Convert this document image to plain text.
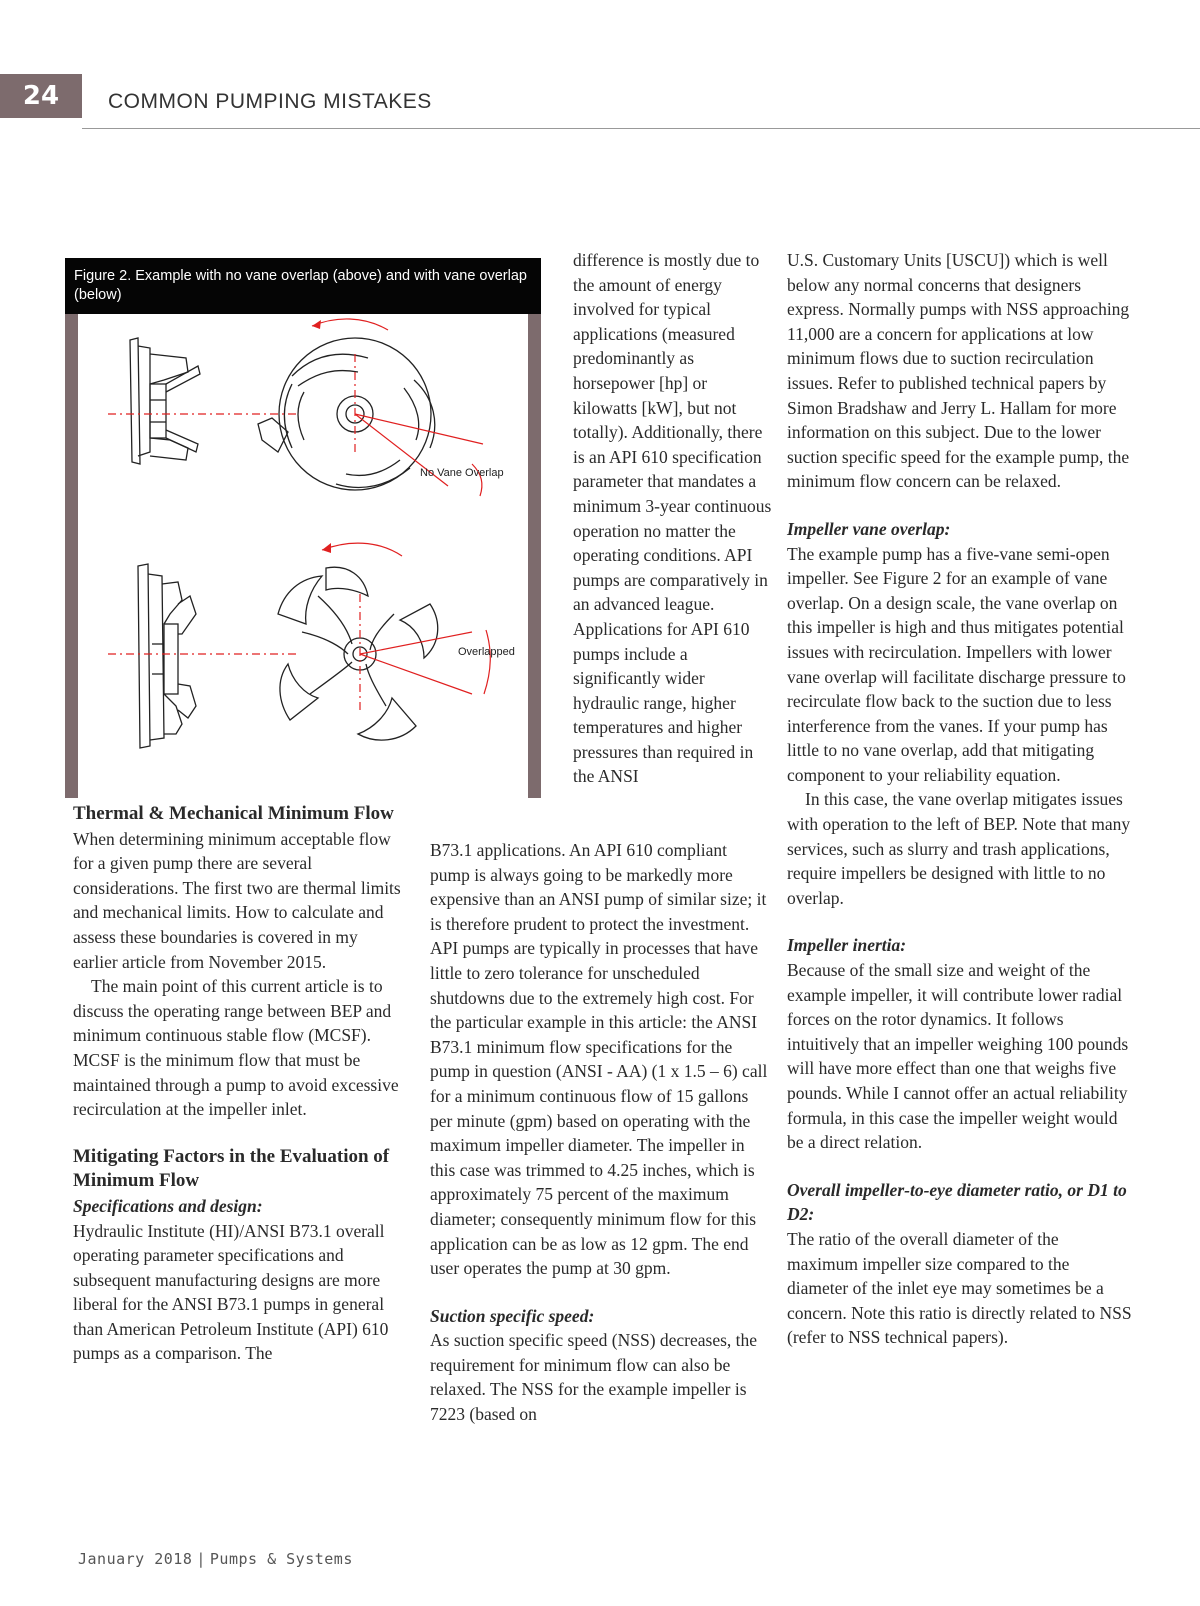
24	COMMON PUMPING MISTAKES
Figure 2. Example with no vane overlap (above) and with vane overlap (below)
No Vane Overlap
Overlapped
Thermal & Mechanical Minimum Flow

When determining minimum acceptable flow for a given pump there are several considerations. The first two are thermal limits and mechanical limits. How to calculate and assess these boundaries is covered in my earlier article from November 2015.

The main point of this current article is to discuss the operating range between BEP and minimum continuous stable flow (MCSF). MCSF is the minimum flow that must be maintained through a pump to avoid excessive recirculation at the impeller inlet.

Mitigating Factors in the Evaluation of Minimum Flow
Specifications and design:

Hydraulic Institute (HI)/ANSI B73.1 overall operating parameter specifications and subsequent manufacturing designs are more liberal for the ANSI B73.1 pumps in general than American Petroleum Institute (API) 610 pumps as a comparison. The

difference is mostly due to the amount of energy involved for typical applications (measured predominantly as horsepower [hp] or kilowatts [kW], but not totally). Additionally, there is an API 610 specification parameter that mandates a minimum 3-year continuous operation no matter the operating conditions. API pumps are comparatively in an advanced league. Applications for API 610 pumps include a significantly wider hydraulic range, higher temperatures and higher pressures than required in the ANSI

B73.1 applications. An API 610 compliant pump is always going to be markedly more expensive than an ANSI pump of similar size; it is therefore prudent to protect the investment. API pumps are typically in processes that have little to zero tolerance for unscheduled shutdowns due to the extremely high cost. For the particular example in this article: the ANSI B73.1 minimum flow specifications for the pump in question (ANSI - AA) (1 x 1.5 – 6) call for a minimum continuous flow of 15 gallons per minute (gpm) based on operating with the maximum impeller diameter. The impeller in this case was trimmed to 4.25 inches, which is approximately 75 percent of the maximum diameter; consequently minimum flow for this application can be as low as 12 gpm. The end user operates the pump at 30 gpm.

Suction specific speed:

As suction specific speed (NSS) decreases, the requirement for minimum flow can also be relaxed. The NSS for the example impeller is 7223 (based on

U.S. Customary Units [USCU]) which is well below any normal concerns that designers express. Normally pumps with NSS approaching 11,000 are a concern for applications at low minimum flows due to suction recirculation issues. Refer to published technical papers by Simon Bradshaw and Jerry L. Hallam for more information on this subject. Due to the lower suction specific speed for the example pump, the minimum flow concern can be relaxed.

Impeller vane overlap:

The example pump has a five-vane semi-open impeller. See Figure 2 for an example of vane overlap. On a design scale, the vane overlap on this impeller is high and thus mitigates potential issues with recirculation. Impellers with lower vane overlap will facilitate discharge pressure to recirculate flow back to the suction due to less interference from the vanes. If your pump has little to no vane overlap, add that mitigating component to your reliability equation.

In this case, the vane overlap mitigates issues with operation to the left of BEP. Note that many services, such as slurry and trash applications, require impellers be designed with little to no overlap.

Impeller inertia:

Because of the small size and weight of the example impeller, it will contribute lower radial forces on the rotor dynamics. It follows intuitively that an impeller weighing 100 pounds will have more effect than one that weighs five pounds. While I cannot offer an actual reliability formula, in this case the impeller weight would be a direct relation.

Overall impeller-to-eye diameter ratio, or D1 to D2:

The ratio of the overall diameter of the maximum impeller size compared to the diameter of the inlet eye may sometimes be a concern. Note this ratio is directly related to NSS (refer to NSS technical papers).

January 2018 | Pumps & Systems
